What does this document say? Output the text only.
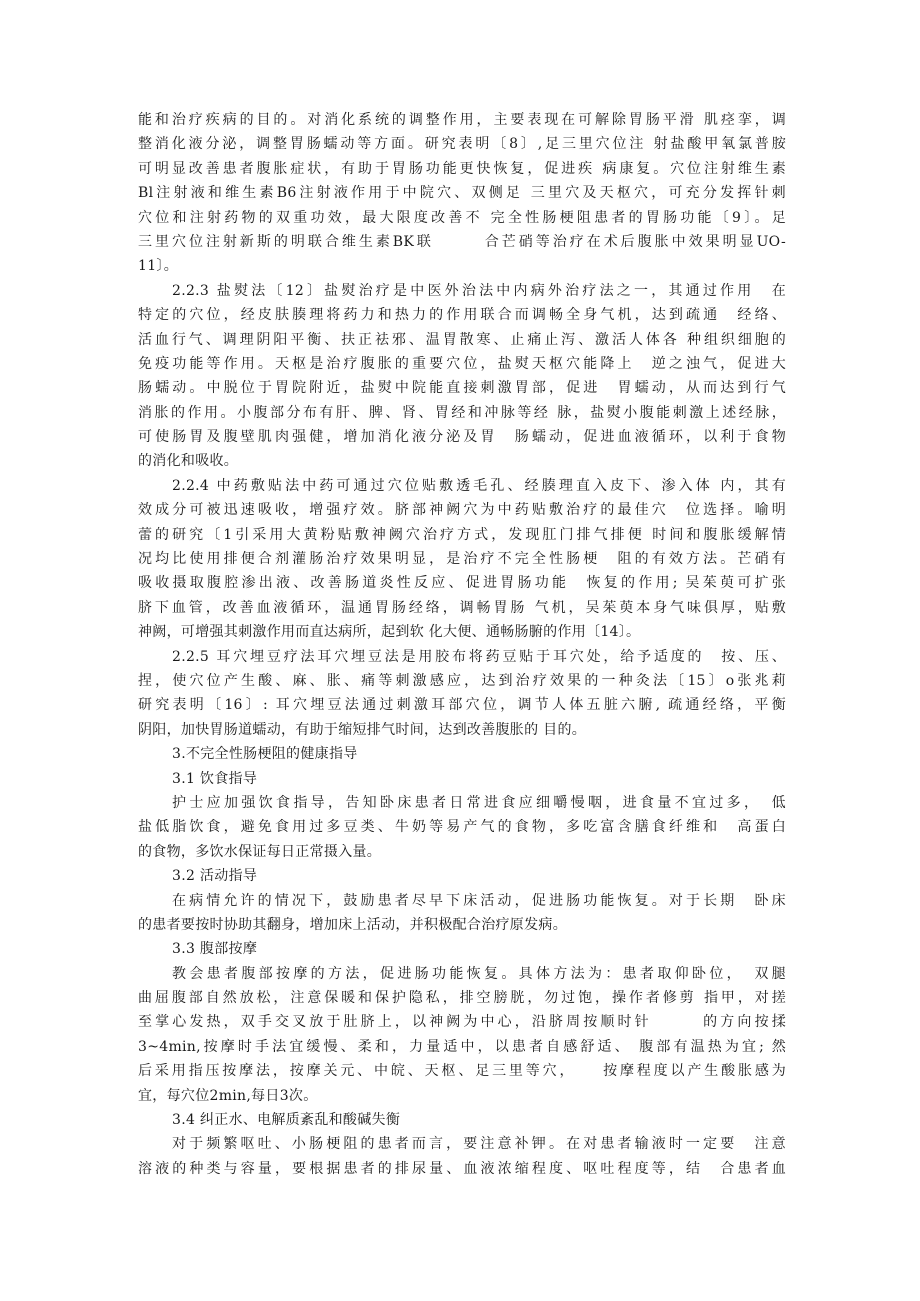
能和治疗疾病的目的。对消化系统的调整作用，主要表现在可解除胃肠平滑 肌痉挛，调
整消化液分泌，调整胃肠蠕动等方面。研究表明〔8〕,足三里穴位注 射盐酸甲氧氯普胺
可明显改善患者腹胀症状，有助于胃肠功能更快恢复，促进疾 病康复。穴位注射维生素
Bl注射液和维生素B6注射液作用于中院穴、双侧足 三里穴及天枢穴，可充分发挥针刺
穴位和注射药物的双重功效，最大限度改善不 完全性肠梗阻患者的胃肠功能〔9〕。足
三里穴位注射新斯的明联合维生素BK联　　　合芒硝等治疗在术后腹胀中效果明显UO-
11〕。
2.2.3 盐熨法〔12〕盐熨治疗是中医外治法中内病外治疗法之一，其通过作用　在
特定的穴位，经皮肤腠理将药力和热力的作用联合而调畅全身气机，达到疏通　经络、
活血行气、调理阴阳平衡、扶正祛邪、温胃散寒、止痛止泻、激活人体各 种组织细胞的
免疫功能等作用。天枢是治疗腹胀的重要穴位，盐熨天枢穴能降上　逆之浊气，促进大
肠蠕动。中脱位于胃院附近，盐熨中院能直接刺激胃部，促进　胃蠕动，从而达到行气
消胀的作用。小腹部分布有肝、脾、肾、胃经和冲脉等经 脉，盐熨小腹能刺激上述经脉，
可使肠胃及腹壁肌肉强健，增加消化液分泌及胃　肠蠕动，促进血液循环，以利于食物
的消化和吸收。
2.2.4 中药敷贴法中药可通过穴位贴敷透毛孔、经腠理直入皮下、渗入体 内，其有
效成分可被迅速吸收，增强疗效。脐部神阙穴为中药贴敷治疗的最佳穴　位选择。喻明
蕾的研究〔1引采用大黄粉贴敷神阙穴治疗方式，发现肛门排气排便 时间和腹胀缓解情
况均比使用排便合剂灌肠治疗效果明显，是治疗不完全性肠梗　阻的有效方法。芒硝有
吸收摄取腹腔渗出液、改善肠道炎性反应、促进胃肠功能　恢复的作用; 吴茱萸可扩张
脐下血管，改善血液循环，温通胃肠经络，调畅胃肠 气机，吴茱萸本身气味俱厚，贴敷
神阙，可增强其刺激作用而直达病所，起到软 化大便、通畅肠腑的作用〔14〕。
2.2.5 耳穴埋豆疗法耳穴埋豆法是用胶布将药豆贴于耳穴处，给予适度的　按、压、
捏，使穴位产生酸、麻、胀、痛等刺激感应，达到治疗效果的一种灸法〔15〕o张兆莉
研究表明〔16〕: 耳穴埋豆法通过刺激耳部穴位，调节人体五脏六腑, 疏通经络，平衡
阴阳，加快胃肠道蠕动，有助于缩短排气时间，达到改善腹胀的 目的。
3.不完全性肠梗阻的健康指导
3.1 饮食指导
护士应加强饮食指导，告知卧床患者日常进食应细嚼慢咽，进食量不宜过多，　低
盐低脂饮食，避免食用过多豆类、牛奶等易产气的食物，多吃富含膳食纤维和　高蛋白
的食物，多饮水保证每日正常摄入量。
3.2 活动指导
在病情允许的情况下，鼓励患者尽早下床活动，促进肠功能恢复。对于长期　卧床
的患者要按时协助其翻身，增加床上活动，并积极配合治疗原发病。
3.3 腹部按摩
教会患者腹部按摩的方法，促进肠功能恢复。具体方法为：患者取仰卧位，　双腿
曲屈腹部自然放松，注意保暖和保护隐私，排空膀胱，勿过饱，操作者修剪 指甲，对搓
至掌心发热，双手交叉放于肚脐上，以神阙为中心，沿脐周按顺时针　　　的方向按揉
3~4min,按摩时手法宜缓慢、柔和，力量适中，以患者自感舒适、 腹部有温热为宜; 然
后采用指压按摩法，按摩关元、中皖、天枢、足三里等穴，　　按摩程度以产生酸胀感为
宜，每穴位2min,每日3次。
3.4 纠正水、电解质紊乱和酸碱失衡
对于频繁呕吐、小肠梗阻的患者而言，要注意补钾。在对患者输液时一定要　注意
溶液的种类与容量，要根据患者的排尿量、血液浓缩程度、呕吐程度等，结　合患者血
